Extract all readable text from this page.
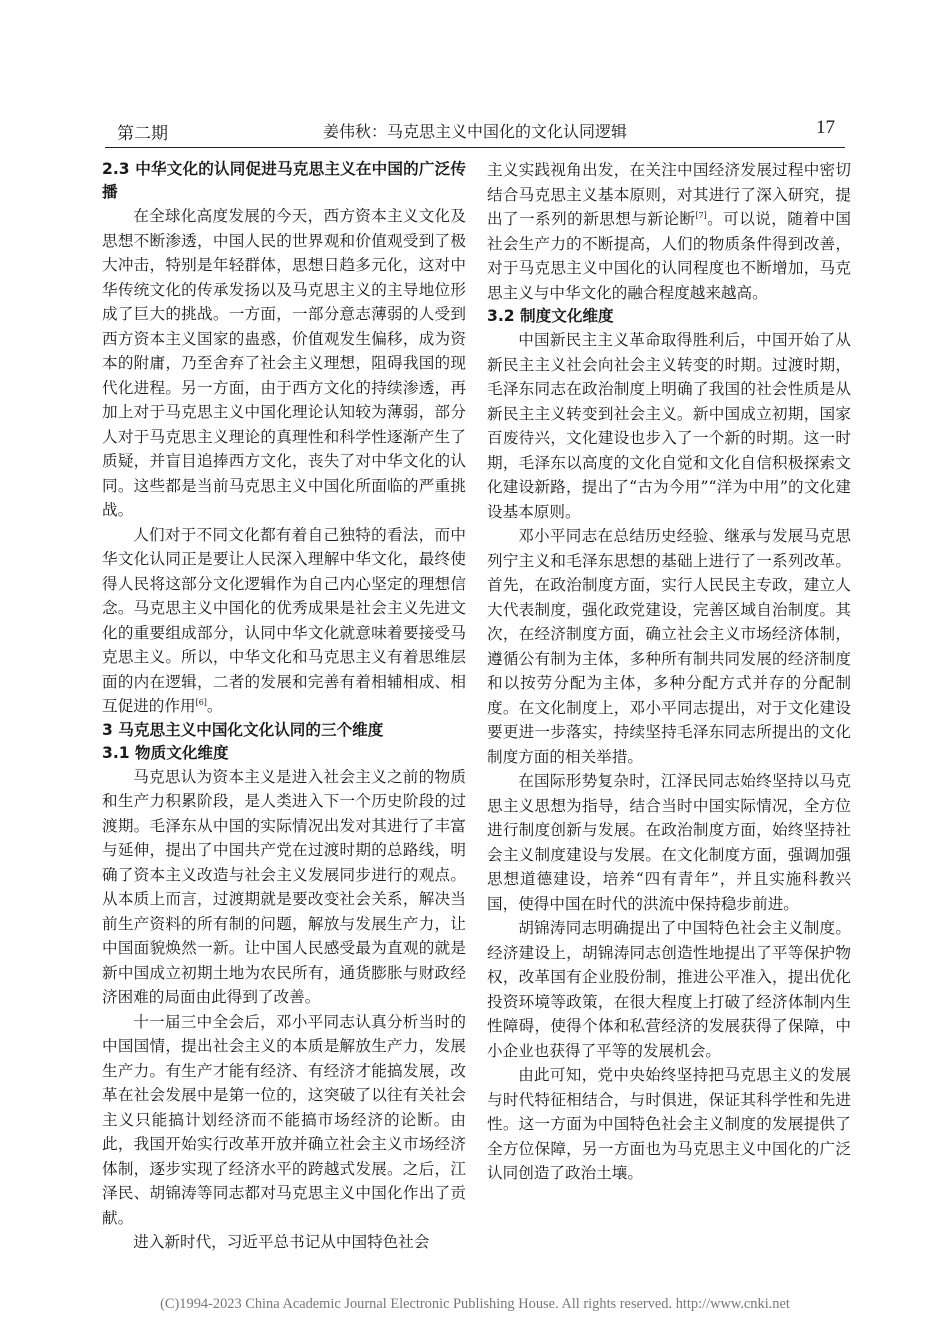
第二期	姜伟秋：马克思主义中国化的文化认同逻辑	17
2.3 中华文化的认同促进马克思主义在中国的广泛传播

在全球化高度发展的今天，西方资本主义文化及思想不断渗透，中国人民的世界观和价值观受到了极大冲击，特别是年轻群体，思想日趋多元化，这对中华传统文化的传承发扬以及马克思主义的主导地位形成了巨大的挑战。一方面，一部分意志薄弱的人受到西方资本主义国家的蛊惑，价值观发生偏移，成为资本的附庸，乃至舍弃了社会主义理想，阻碍我国的现代化进程。另一方面，由于西方文化的持续渗透，再加上对于马克思主义中国化理论认知较为薄弱，部分人对于马克思主义理论的真理性和科学性逐渐产生了质疑，并盲目追捧西方文化，丧失了对中华文化的认同。这些都是当前马克思主义中国化所面临的严重挑战。

人们对于不同文化都有着自己独特的看法，而中华文化认同正是要让人民深入理解中华文化，最终使得人民将这部分文化逻辑作为自己内心坚定的理想信念。马克思主义中国化的优秀成果是社会主义先进文化的重要组成部分，认同中华文化就意味着要接受马克思主义。所以，中华文化和马克思主义有着思维层面的内在逻辑，二者的发展和完善有着相辅相成、相互促进的作用[6]。

3 马克思主义中国化文化认同的三个维度
3.1 物质文化维度

马克思认为资本主义是进入社会主义之前的物质和生产力积累阶段，是人类进入下一个历史阶段的过渡期。毛泽东从中国的实际情况出发对其进行了丰富与延伸，提出了中国共产党在过渡时期的总路线，明确了资本主义改造与社会主义发展同步进行的观点。从本质上而言，过渡期就是要改变社会关系，解决当前生产资料的所有制的问题，解放与发展生产力，让中国面貌焕然一新。让中国人民感受最为直观的就是新中国成立初期土地为农民所有，通货膨胀与财政经济困难的局面由此得到了改善。

十一届三中全会后，邓小平同志认真分析当时的中国国情，提出社会主义的本质是解放生产力，发展生产力。有生产才能有经济、有经济才能搞发展，改革在社会发展中是第一位的，这突破了以往有关社会主义只能搞计划经济而不能搞市场经济的论断。由此，我国开始实行改革开放并确立社会主义市场经济体制，逐步实现了经济水平的跨越式发展。之后，江泽民、胡锦涛等同志都对马克思主义中国化作出了贡献。

进入新时代，习近平总书记从中国特色社会

主义实践视角出发，在关注中国经济发展过程中密切结合马克思主义基本原则，对其进行了深入研究，提出了一系列的新思想与新论断[7]。可以说，随着中国社会生产力的不断提高，人们的物质条件得到改善，对于马克思主义中国化的认同程度也不断增加，马克思主义与中华文化的融合程度越来越高。

3.2 制度文化维度

中国新民主主义革命取得胜利后，中国开始了从新民主主义社会向社会主义转变的时期。过渡时期，毛泽东同志在政治制度上明确了我国的社会性质是从新民主主义转变到社会主义。新中国成立初期，国家百废待兴，文化建设也步入了一个新的时期。这一时期，毛泽东以高度的文化自觉和文化自信积极探索文化建设新路，提出了“古为今用”“洋为中用”的文化建设基本原则。

邓小平同志在总结历史经验、继承与发展马克思列宁主义和毛泽东思想的基础上进行了一系列改革。首先，在政治制度方面，实行人民民主专政，建立人大代表制度，强化政党建设，完善区域自治制度。其次，在经济制度方面，确立社会主义市场经济体制，遵循公有制为主体，多种所有制共同发展的经济制度和以按劳分配为主体，多种分配方式并存的分配制度。在文化制度上，邓小平同志提出，对于文化建设要更进一步落实，持续坚持毛泽东同志所提出的文化制度方面的相关举措。

在国际形势复杂时，江泽民同志始终坚持以马克思主义思想为指导，结合当时中国实际情况，全方位进行制度创新与发展。在政治制度方面，始终坚持社会主义制度建设与发展。在文化制度方面，强调加强思想道德建设，培养“四有青年”，并且实施科教兴国，使得中国在时代的洪流中保持稳步前进。

胡锦涛同志明确提出了中国特色社会主义制度。经济建设上，胡锦涛同志创造性地提出了平等保护物权，改革国有企业股份制，推进公平准入，提出优化投资环境等政策，在很大程度上打破了经济体制内生性障碍，使得个体和私营经济的发展获得了保障，中小企业也获得了平等的发展机会。

由此可知，党中央始终坚持把马克思主义的发展与时代特征相结合，与时俱进，保证其科学性和先进性。这一方面为中国特色社会主义制度的发展提供了全方位保障，另一方面也为马克思主义中国化的广泛认同创造了政治土壤。

(C)1994-2023 China Academic Journal Electronic Publishing House. All rights reserved. http://www.cnki.net
